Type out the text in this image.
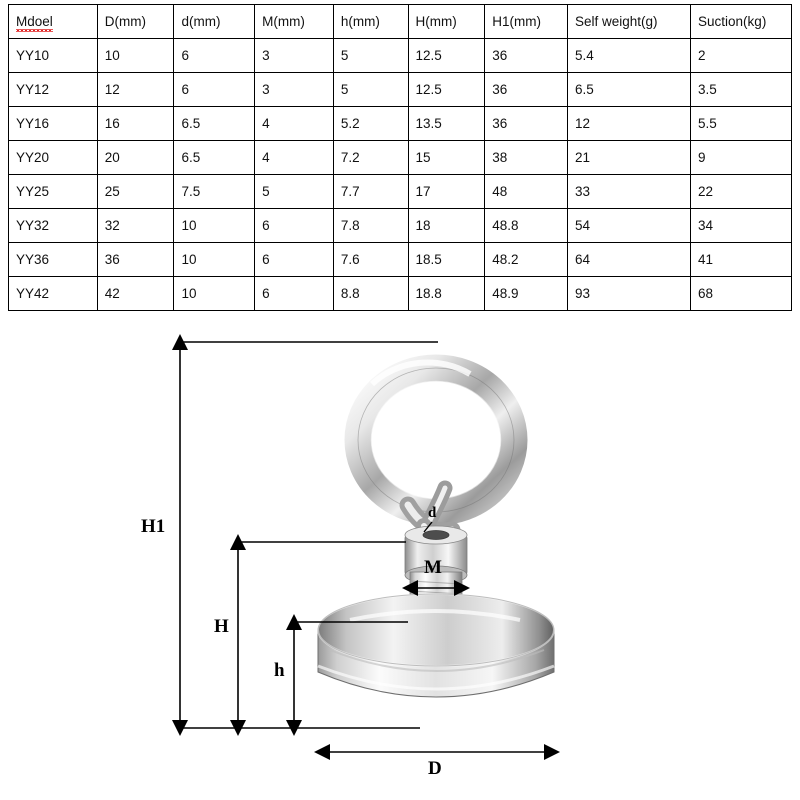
Mdoel	D(mm)	d(mm)	M(mm)	h(mm)	H(mm)	H1(mm)	Self weight(g)	Suction(kg)
YY10	10	6	3	5	12.5	36	5.4	2
YY12	12	6	3	5	12.5	36	6.5	3.5
YY16	16	6.5	4	5.2	13.5	36	12	5.5
YY20	20	6.5	4	7.2	15	38	21	9
YY25	25	7.5	5	7.7	17	48	33	22
YY32	32	10	6	7.8	18	48.8	54	34
YY36	36	10	6	7.6	18.5	48.2	64	41
YY42	42	10	6	8.8	18.8	48.9	93	68
H1
H
h
d
M
D
